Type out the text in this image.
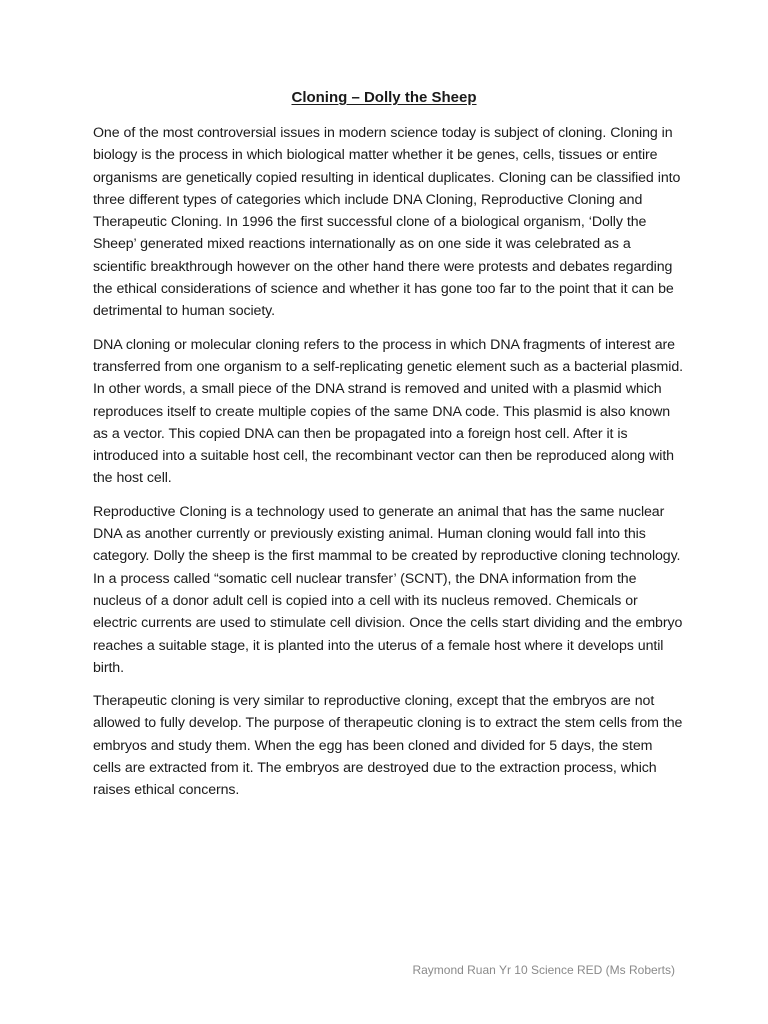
Cloning – Dolly the Sheep

One of the most controversial issues in modern science today is subject of cloning. Cloning in biology is the process in which biological matter whether it be genes, cells, tissues or entire organisms are genetically copied resulting in identical duplicates. Cloning can be classified into three different types of categories which include DNA Cloning, Reproductive Cloning and Therapeutic Cloning. In 1996 the first successful clone of a biological organism, ‘Dolly the Sheep’ generated mixed reactions internationally as on one side it was celebrated as a scientific breakthrough however on the other hand there were protests and debates regarding the ethical considerations of science and whether it has gone too far to the point that it can be detrimental to human society.

DNA cloning or molecular cloning refers to the process in which DNA fragments of interest are transferred from one organism to a self-replicating genetic element such as a bacterial plasmid. In other words, a small piece of the DNA strand is removed and united with a plasmid which reproduces itself to create multiple copies of the same DNA code. This plasmid is also known as a vector. This copied DNA can then be propagated into a foreign host cell. After it is introduced into a suitable host cell, the recombinant vector can then be reproduced along with the host cell.

Reproductive Cloning is a technology used to generate an animal that has the same nuclear DNA as another currently or previously existing animal. Human cloning would fall into this category. Dolly the sheep is the first mammal to be created by reproductive cloning technology. In a process called “somatic cell nuclear transfer’ (SCNT), the DNA information from the nucleus of a donor adult cell is copied into a cell with its nucleus removed. Chemicals or electric currents are used to stimulate cell division. Once the cells start dividing and the embryo reaches a suitable stage, it is planted into the uterus of a female host where it develops until birth.

Therapeutic cloning is very similar to reproductive cloning, except that the embryos are not allowed to fully develop. The purpose of therapeutic cloning is to extract the stem cells from the embryos and study them. When the egg has been cloned and divided for 5 days, the stem cells are extracted from it. The embryos are destroyed due to the extraction process, which raises ethical concerns.

Raymond Ruan Yr 10 Science RED (Ms Roberts)
